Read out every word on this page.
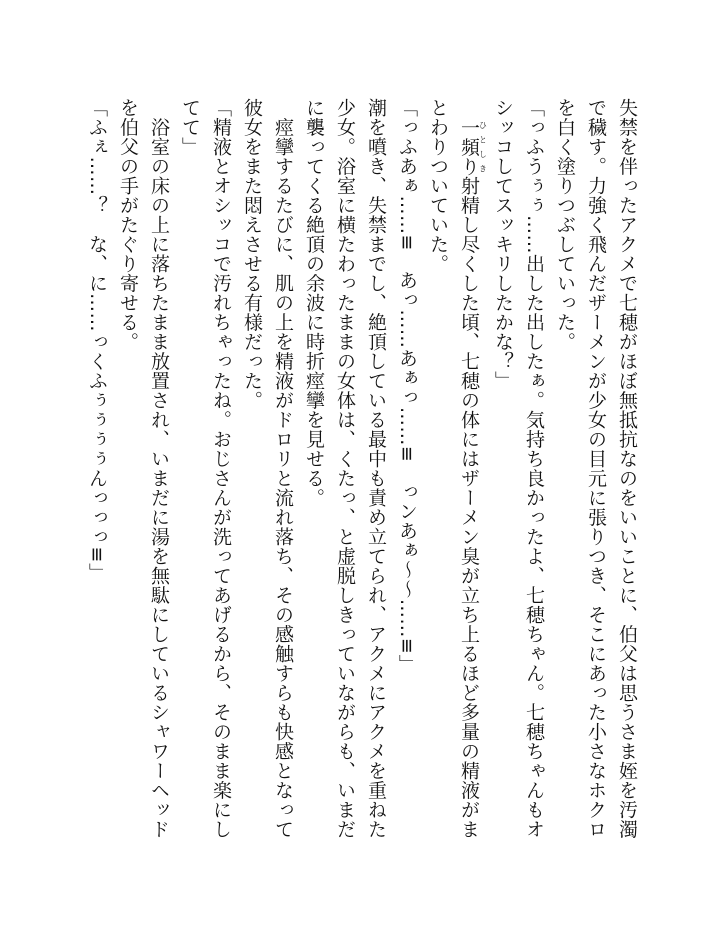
失禁を伴ったアクメで七穂がほぼ無抵抗なのをいいことに、伯父は思うさま姪を汚濁で穢す。力強く飛んだザーメンが少女の目元に張りつき、そこにあった小さなホクロを白く塗りつぶしていった。

「っふうぅぅ……出した出したぁ。気持ち良かったよ、七穂ちゃん。七穂ちゃんもオシッコしてスッキリしたかな？」

　一頻りひとしき射精し尽くした頃、七穂の体にはザーメン臭が立ち上るほど多量の精液がまとわりついていた。

「っふあぁ……≡　あっ……あぁっ……≡　っンあぁ～～……≡」

潮を噴き、失禁までし、絶頂している最中も責め立てられ、アクメにアクメを重ねた少女。浴室に横たわったままの女体は、くたっ、と虚脱しきっていながらも、いまだに襲ってくる絶頂の余波に時折痙攣を見せる。

　痙攣するたびに、肌の上を精液がドロリと流れ落ち、その感触すらも快感となって彼女をまた悶えさせる有様だった。

「精液とオシッコで汚れちゃったね。おじさんが洗ってあげるから、そのまま楽にしてて」

　浴室の床の上に落ちたまま放置され、いまだに湯を無駄にしているシャワーヘッドを伯父の手がたぐり寄せる。

「ふぇ……？　な、に……っくふぅぅぅぅんっっっ≡」
